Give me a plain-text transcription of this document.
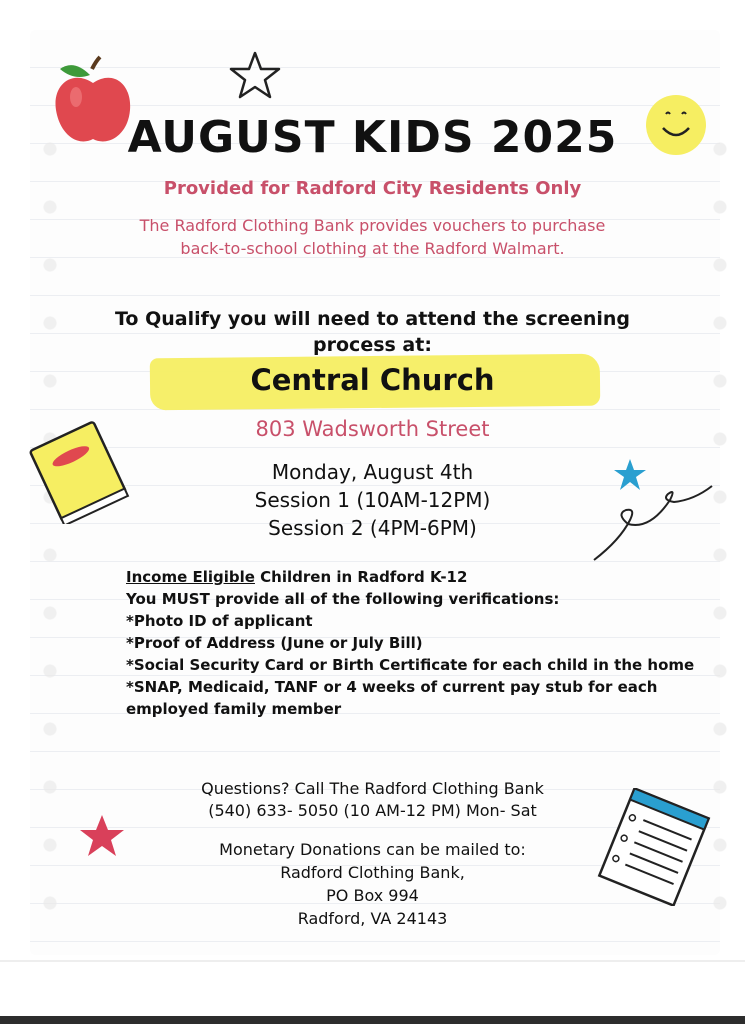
AUGUST KIDS 2025
Provided for Radford City Residents Only
The Radford Clothing Bank provides vouchers to purchase
back-to-school clothing at the Radford Walmart.
To Qualify you will need to attend the screening
process at:
Central Church
803 Wadsworth Street
Monday, August 4th
Session 1 (10AM-12PM)
Session 2 (4PM-6PM)
Income Eligible Children in Radford K-12
You MUST provide all of the following verifications:
*Photo ID of applicant
*Proof of Address (June or July Bill)
*Social Security Card or Birth Certificate for each child in the home
*SNAP, Medicaid, TANF or 4 weeks of current pay stub for each employed family member
Questions? Call The Radford Clothing Bank
(540) 633- 5050 (10 AM-12 PM) Mon- Sat
Monetary Donations can be mailed to:
Radford Clothing Bank,
PO Box 994
Radford, VA 24143
